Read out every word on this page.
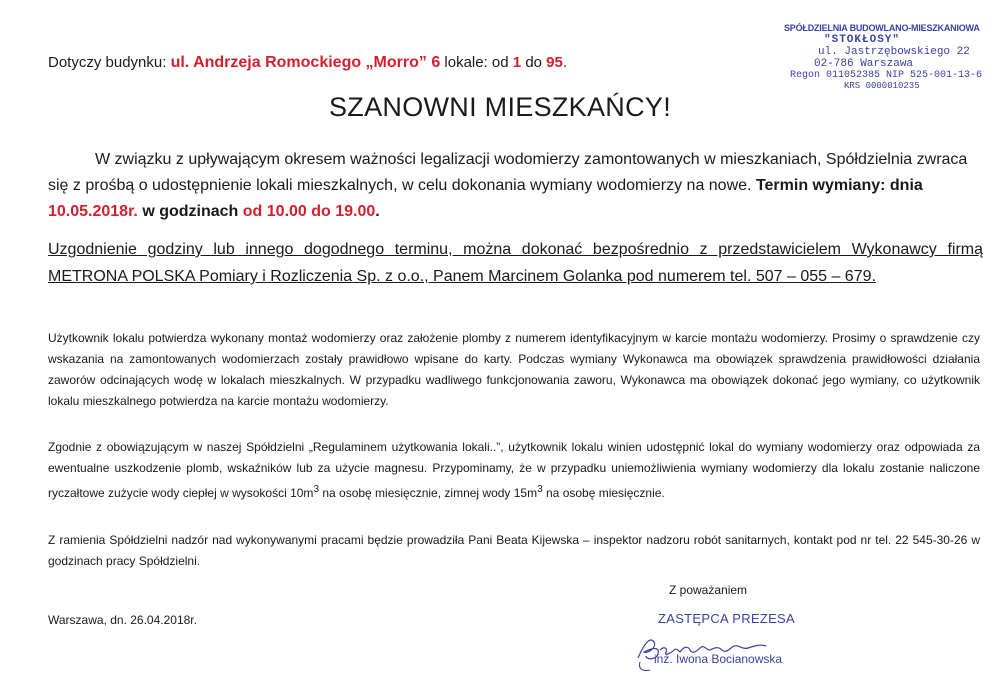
SPÓŁDZIELNIA BUDOWLANO-MIESZKANIOWA
"STOKŁOSY"
ul. Jastrzębowskiego 22
02-786 Warszawa
Regon 011052385 NIP 525-001-13-6
KRS 0000010235
Dotyczy budynku: ul. Andrzeja Romockiego „Morro” 6 lokale: od 1 do 95.
SZANOWNI MIESZKAŃCY!
W związku z upływającym okresem ważności legalizacji wodomierzy zamontowanych w mieszkaniach, Spółdzielnia zwraca się z prośbą o udostępnienie lokali mieszkalnych, w celu dokonania wymiany wodomierzy na nowe. Termin wymiany: dnia 10.05.2018r. w godzinach od 10.00 do 19.00.
Uzgodnienie godziny lub innego dogodnego terminu, można dokonać bezpośrednio z przedstawicielem Wykonawcy firmą METRONA POLSKA Pomiary i Rozliczenia Sp. z o.o., Panem Marcinem Golanka pod numerem tel. 507 – 055 – 679.
Użytkownik lokalu potwierdza wykonany montaż wodomierzy oraz założenie plomby z numerem identyfikacyjnym w karcie montażu wodomierzy. Prosimy o sprawdzenie czy wskazania na zamontowanych wodomierzach zostały prawidłowo wpisane do karty. Podczas wymiany Wykonawca ma obowiązek sprawdzenia prawidłowości działania zaworów odcinających wodę w lokalach mieszkalnych. W przypadku wadliwego funkcjonowania zaworu, Wykonawca ma obowiązek dokonać jego wymiany, co użytkownik lokalu mieszkalnego potwierdza na karcie montażu wodomierzy.
Zgodnie z obowiązującym w naszej Spółdzielni „Regulaminem użytkowania lokali..”, użytkownik lokalu winien udostępnić lokal do wymiany wodomierzy oraz odpowiada za ewentualne uszkodzenie plomb, wskaźników lub za użycie magnesu. Przypominamy, że w przypadku uniemożliwienia wymiany wodomierzy dla lokalu zostanie naliczone ryczałtowe zużycie wody ciepłej w wysokości $10m^3$ na osobę miesięcznie, zimnej wody $15m^3$ na osobę miesięcznie.
Z ramienia Spółdzielni nadzór nad wykonywanymi pracami będzie prowadziła Pani Beata Kijewska – inspektor nadzoru robót sanitarnych, kontakt pod nr tel. 22 545-30-26 w godzinach pracy Spółdzielni.
Z poważaniem
Warszawa, dn. 26.04.2018r.	ZASTĘPCA PREZESA
inż. Iwona Bocianowska
